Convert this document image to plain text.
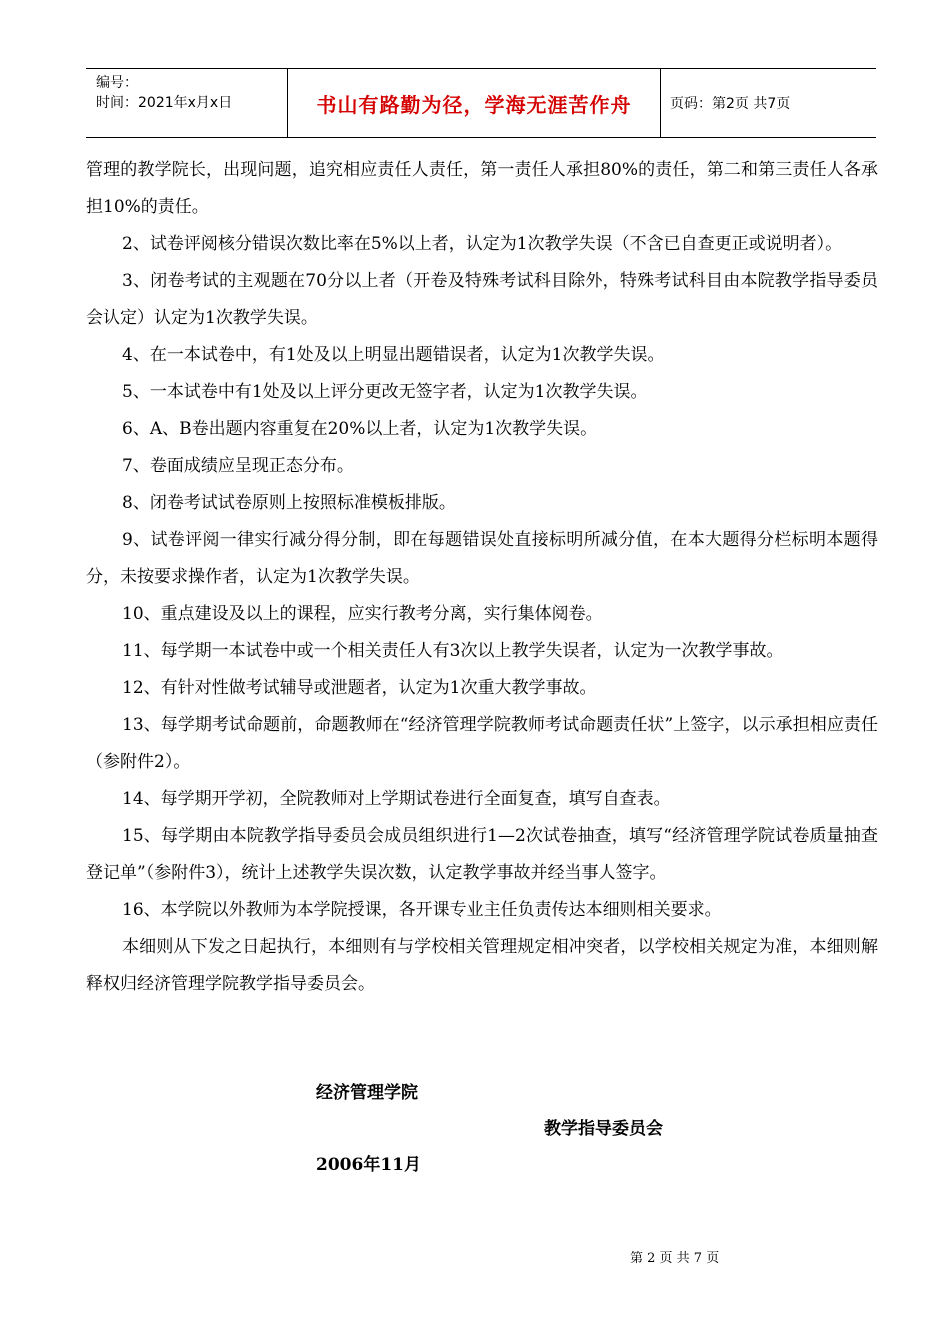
编号：
时间：2021年x月x日	书山有路勤为径，学海无涯苦作舟	页码：第2页 共7页

管理的教学院长，出现问题，追究相应责任人责任，第一责任人承担80%的责任，第二和第三责任人各承担10%的责任。

2、试卷评阅核分错误次数比率在5%以上者，认定为1次教学失误（不含已自查更正或说明者）。

3、闭卷考试的主观题在70分以上者（开卷及特殊考试科目除外，特殊考试科目由本院教学指导委员会认定）认定为1次教学失误。

4、在一本试卷中，有1处及以上明显出题错误者，认定为1次教学失误。

5、一本试卷中有1处及以上评分更改无签字者，认定为1次教学失误。

6、A、B卷出题内容重复在20%以上者，认定为1次教学失误。

7、卷面成绩应呈现正态分布。

8、闭卷考试试卷原则上按照标准模板排版。

9、试卷评阅一律实行减分得分制，即在每题错误处直接标明所减分值，在本大题得分栏标明本题得分，未按要求操作者，认定为1次教学失误。

10、重点建设及以上的课程，应实行教考分离，实行集体阅卷。

11、每学期一本试卷中或一个相关责任人有3次以上教学失误者，认定为一次教学事故。

12、有针对性做考试辅导或泄题者，认定为1次重大教学事故。

13、每学期考试命题前，命题教师在“经济管理学院教师考试命题责任状”上签字，以示承担相应责任（参附件2）。

14、每学期开学初，全院教师对上学期试卷进行全面复查，填写自查表。

15、每学期由本院教学指导委员会成员组织进行1—2次试卷抽查，填写“经济管理学院试卷质量抽查登记单”（参附件3），统计上述教学失误次数，认定教学事故并经当事人签字。

16、本学院以外教师为本学院授课，各开课专业主任负责传达本细则相关要求。

本细则从下发之日起执行，本细则有与学校相关管理规定相冲突者，以学校相关规定为准，本细则解释权归经济管理学院教学指导委员会。

经济管理学院
教学指导委员会
2006年11月
第 2 页 共 7 页
